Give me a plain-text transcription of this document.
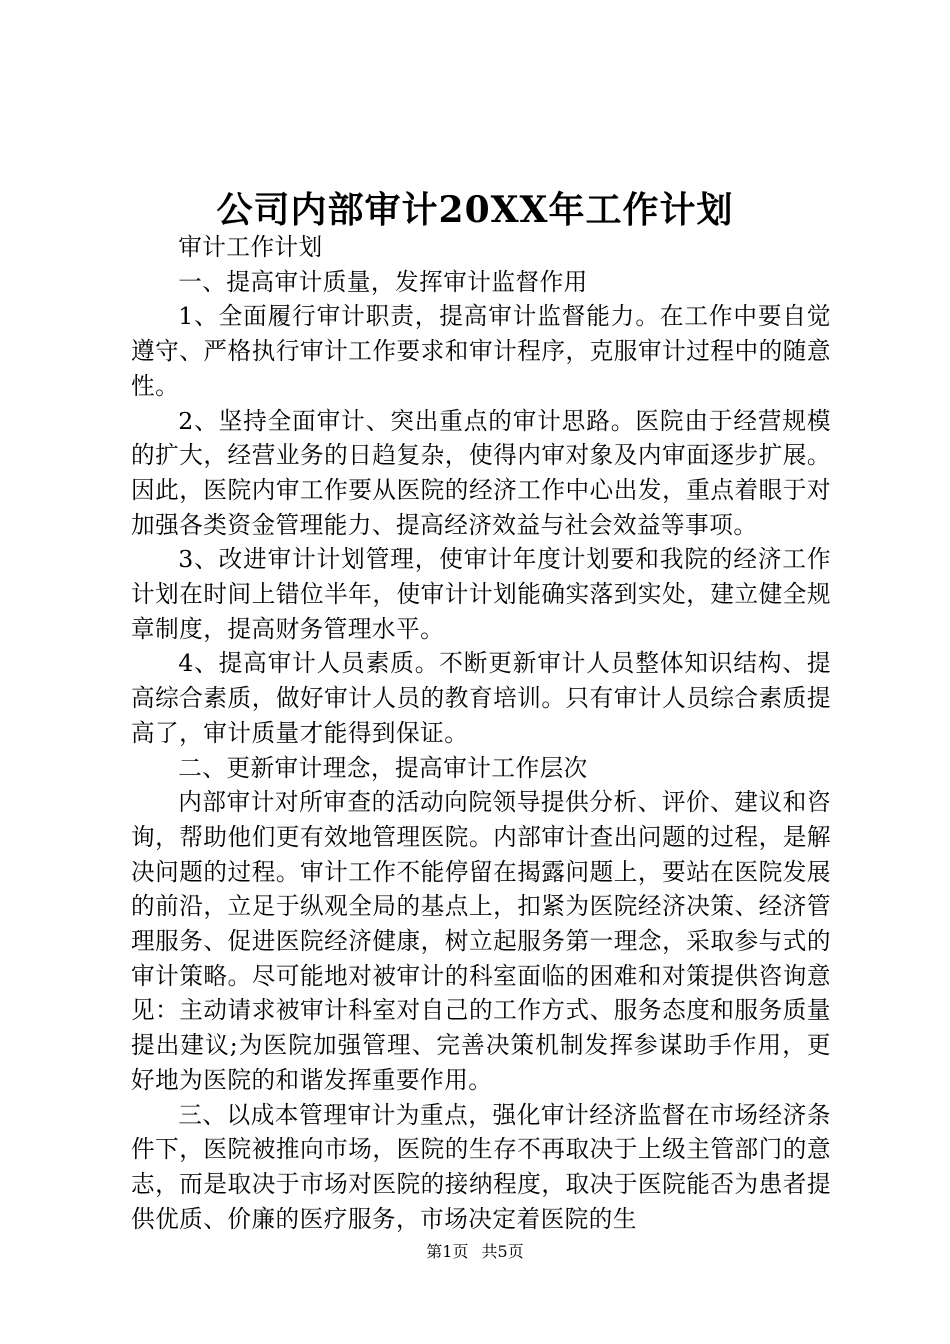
公司内部审计20XX年工作计划

审计工作计划

一、提高审计质量，发挥审计监督作用

1、全面履行审计职责，提高审计监督能力。在工作中要自觉遵守、严格执行审计工作要求和审计程序，克服审计过程中的随意性。

2、坚持全面审计、突出重点的审计思路。医院由于经营规模的扩大，经营业务的日趋复杂，使得内审对象及内审面逐步扩展。因此，医院内审工作要从医院的经济工作中心出发，重点着眼于对加强各类资金管理能力、提高经济效益与社会效益等事项。

3、改进审计计划管理，使审计年度计划要和我院的经济工作计划在时间上错位半年，使审计计划能确实落到实处，建立健全规章制度，提高财务管理水平。

4、提高审计人员素质。不断更新审计人员整体知识结构、提高综合素质，做好审计人员的教育培训。只有审计人员综合素质提高了，审计质量才能得到保证。

二、更新审计理念，提高审计工作层次

内部审计对所审查的活动向院领导提供分析、评价、建议和咨询，帮助他们更有效地管理医院。内部审计查出问题的过程，是解决问题的过程。审计工作不能停留在揭露问题上，要站在医院发展的前沿，立足于纵观全局的基点上，扣紧为医院经济决策、经济管理服务、促进医院经济健康，树立起服务第一理念，采取参与式的审计策略。尽可能地对被审计的科室面临的困难和对策提供咨询意见：主动请求被审计科室对自己的工作方式、服务态度和服务质量提出建议;为医院加强管理、完善决策机制发挥参谋助手作用，更好地为医院的和谐发挥重要作用。

三、以成本管理审计为重点，强化审计经济监督在市场经济条件下，医院被推向市场，医院的生存不再取决于上级主管部门的意志，而是取决于市场对医院的接纳程度，取决于医院能否为患者提供优质、价廉的医疗服务，市场决定着医院的生

第1页 共5页
